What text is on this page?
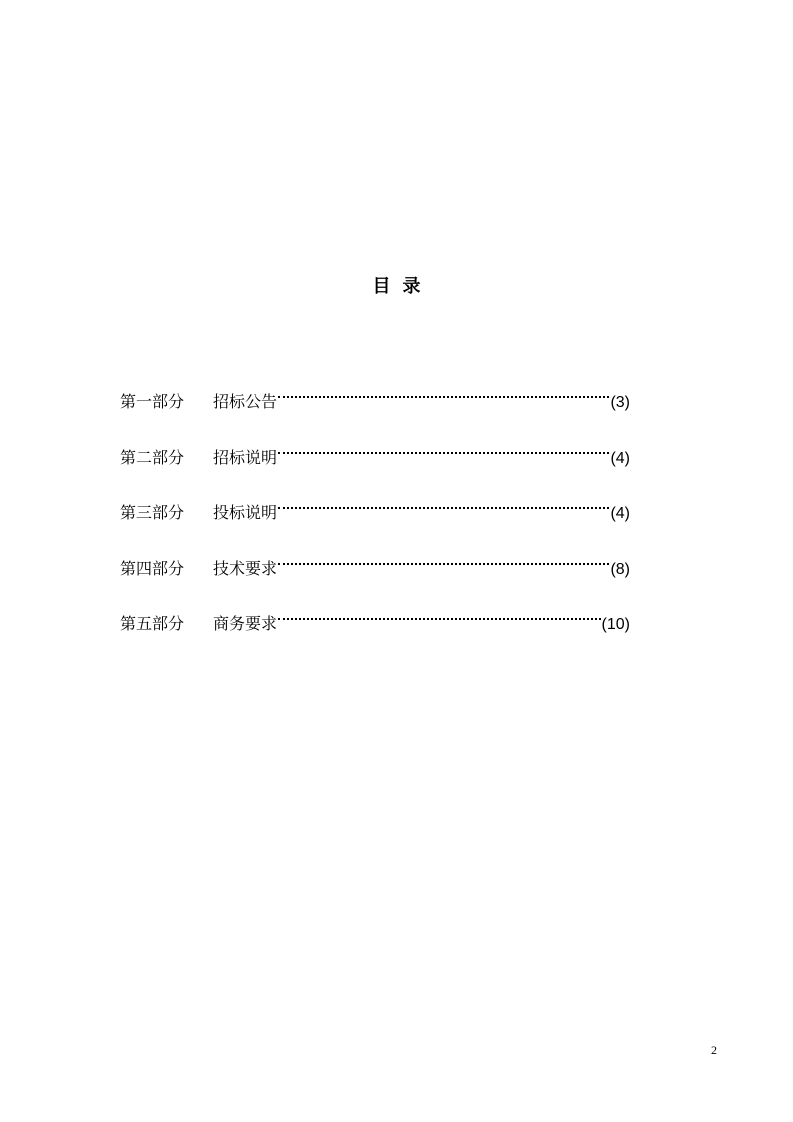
目 录
第一部分	招标公告	(3)
第二部分	招标说明	(4)
第三部分	投标说明	(4)
第四部分	技术要求	(8)
第五部分	商务要求	(10)
2
